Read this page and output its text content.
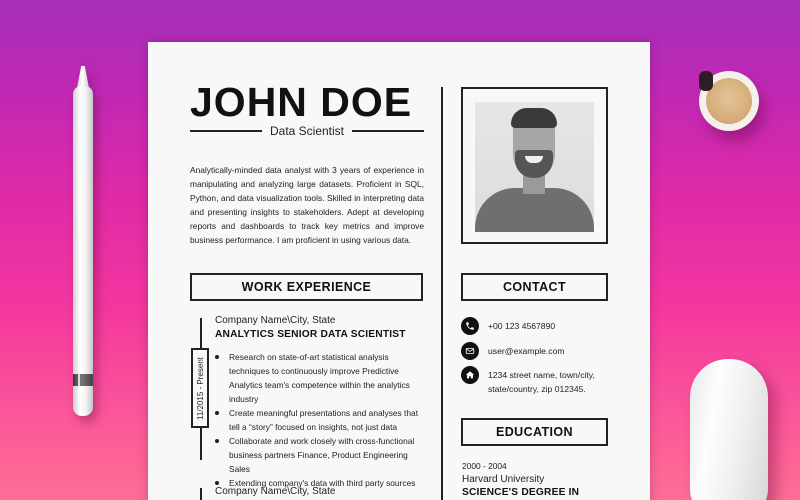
JOHN DOE
Data Scientist

Analytically-minded data analyst with 3 years of experience in manipulating and analyzing large datasets. Proficient in SQL, Python, and data visualization tools. Skilled in interpreting data and presenting insights to stakeholders. Adept at developing reports and dashboards to track key metrics and improve business performance. I am proficient in using various data.

WORK EXPERIENCE
11/2015 - Present
Company Name\City, State
ANALYTICS SENIOR DATA SCIENTIST
Research on state-of-art statistical analysis techniques to continuously improve Predictive Analytics team's competence within the analytics industry
Create meaningful presentations and analyses that tell a “story” focused on insights, not just data
Collaborate and work closely with cross-functional business partners Finance, Product Engineering Sales
Extending company's data with third party sources
Company Name\City, State
CONTACT
+00 123 4567890
user@example.com
1234 street name, town/city, state/country, zip 012345.
EDUCATION
2000 - 2004
Harvard University
SCIENCE'S DEGREE IN
